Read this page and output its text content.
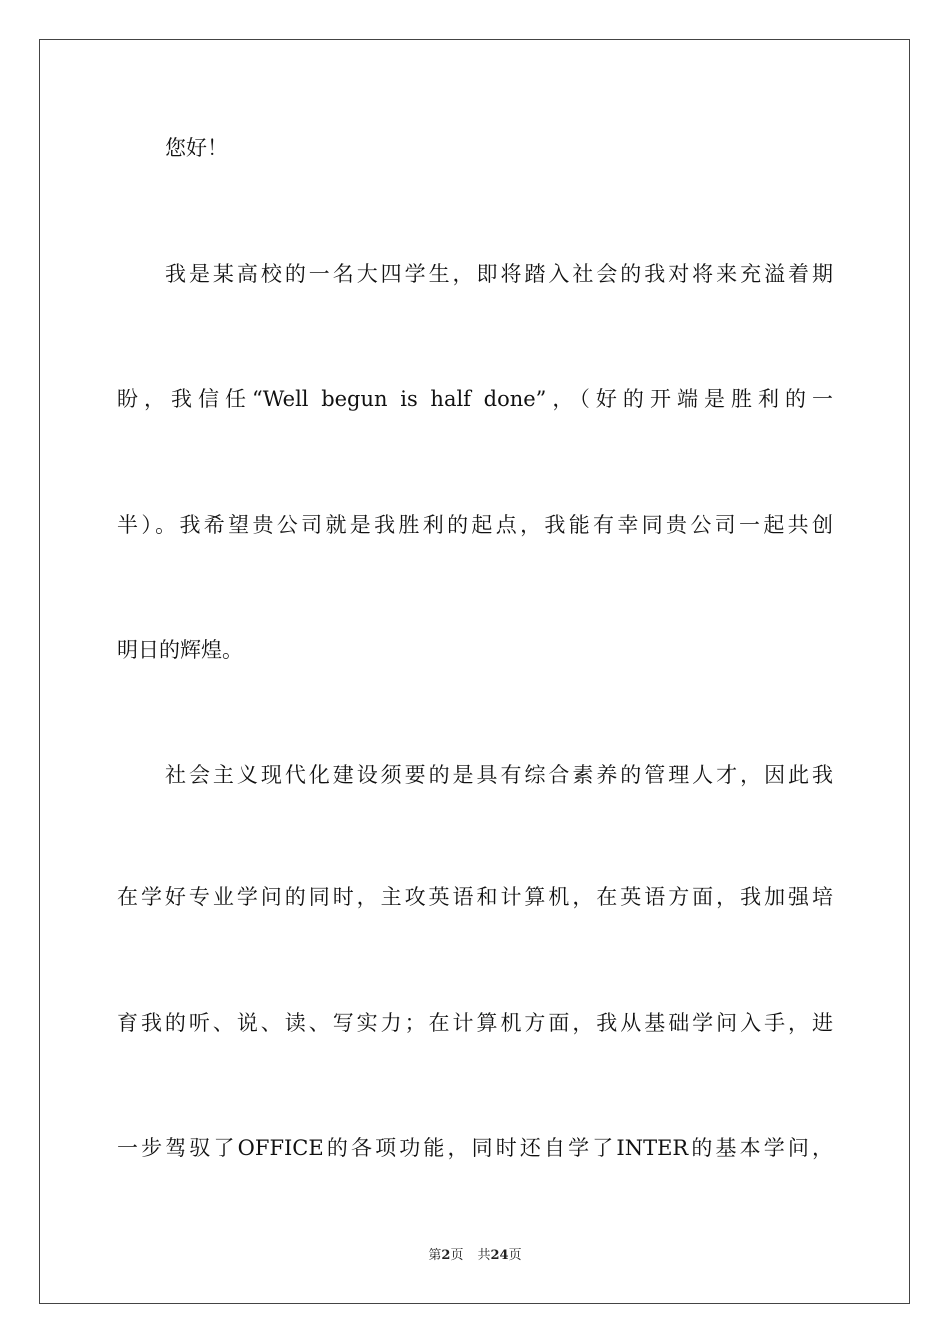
您好！
我是某高校的一名大四学生，即将踏入社会的我对将来充溢着期
盼，我信任“Well begun is half done”，（好的开端是胜利的一
半）。我希望贵公司就是我胜利的起点，我能有幸同贵公司一起共创
明日的辉煌。
社会主义现代化建设须要的是具有综合素养的管理人才，因此我
在学好专业学问的同时，主攻英语和计算机，在英语方面，我加强培
育我的听、说、读、写实力；在计算机方面，我从基础学问入手，进
一步驾驭了OFFICE的各项功能，同时还自学了INTER的基本学问，
第2页 共24页
